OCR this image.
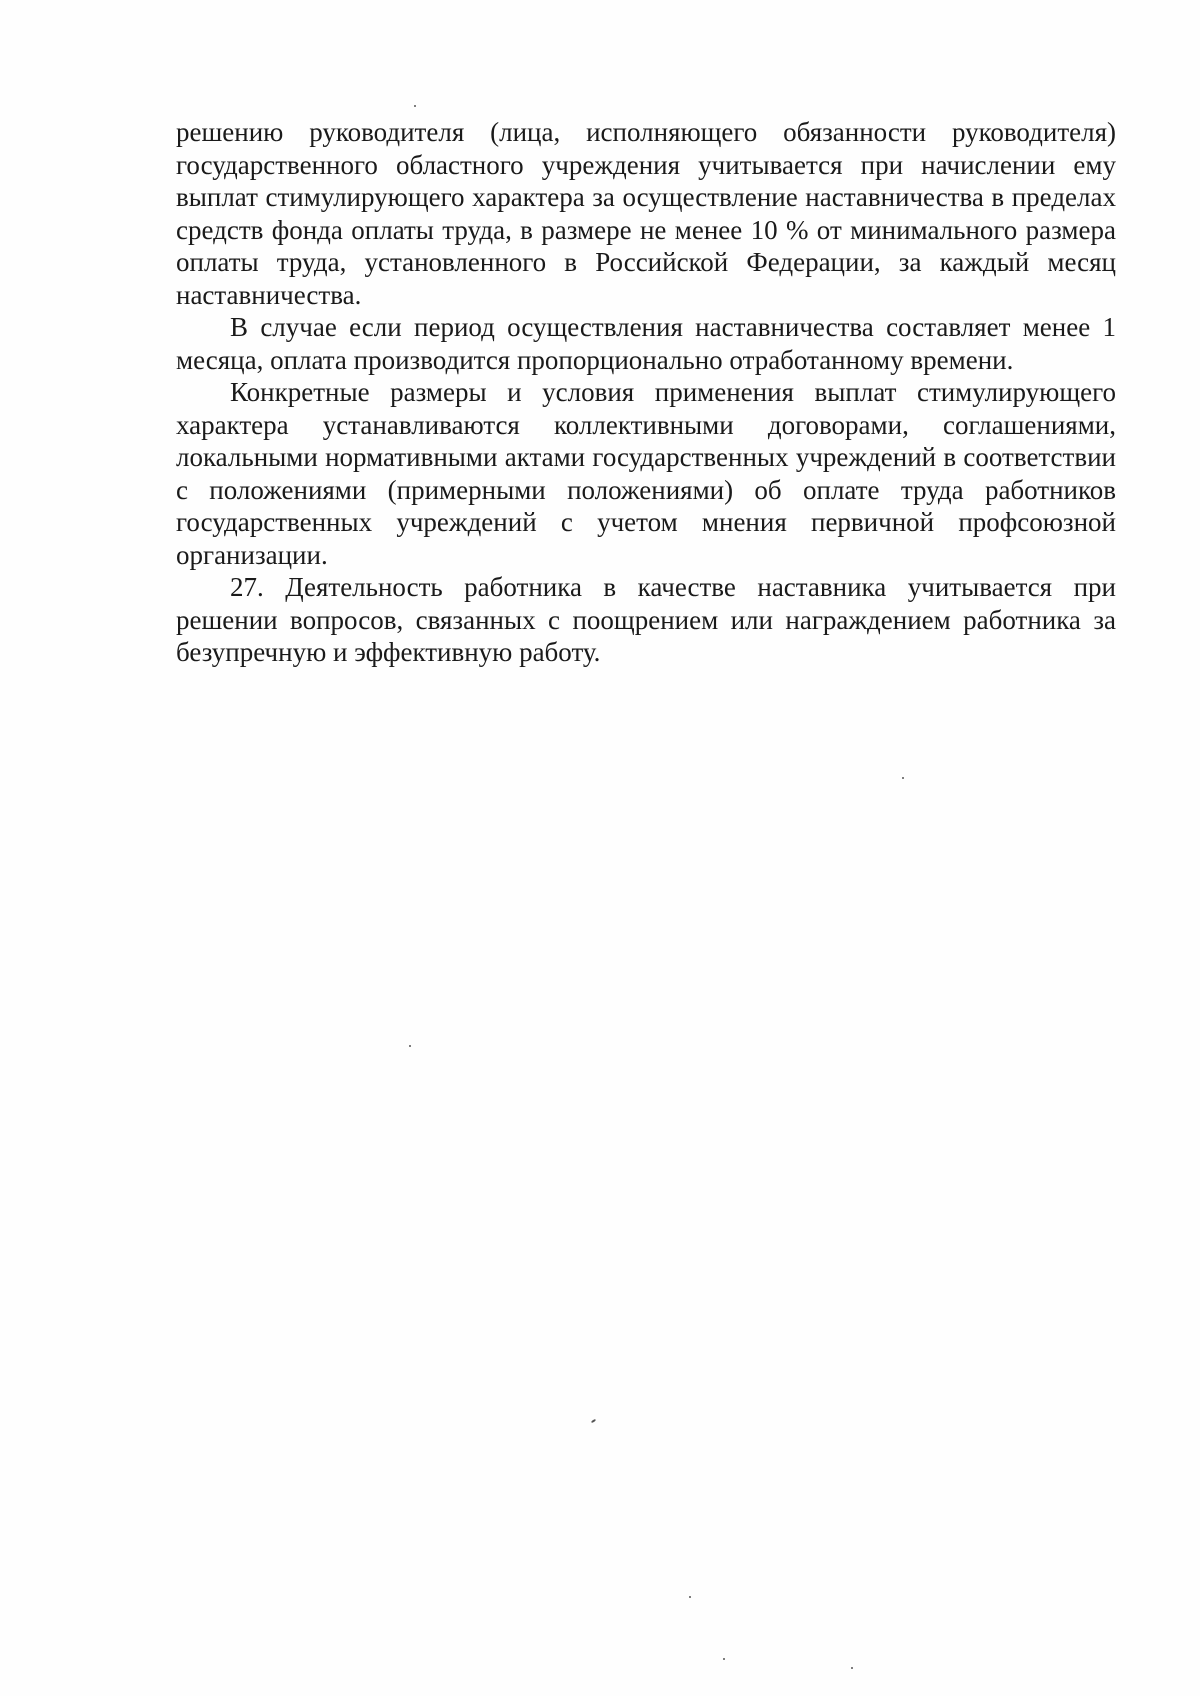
решению руководителя (лица, исполняющего обязанности руководителя) государственного областного учреждения учитывается при начислении ему выплат стимулирующего характера за осуществление наставничества в пределах средств фонда оплаты труда, в размере не менее 10 % от минимального размера оплаты труда, установленного в Российской Федерации, за каждый месяц наставничества.

В случае если период осуществления наставничества составляет менее 1 месяца, оплата производится пропорционально отработанному времени.

Конкретные размеры и условия применения выплат стимулирующего характера устанавливаются коллективными договорами, соглашениями, локальными нормативными актами государственных учреждений в соответствии с положениями (примерными положениями) об оплате труда работников государственных учреждений с учетом мнения первичной профсоюзной организации.

27. Деятельность работника в качестве наставника учитывается при решении вопросов, связанных с поощрением или награждением работника за безупречную и эффективную работу.
